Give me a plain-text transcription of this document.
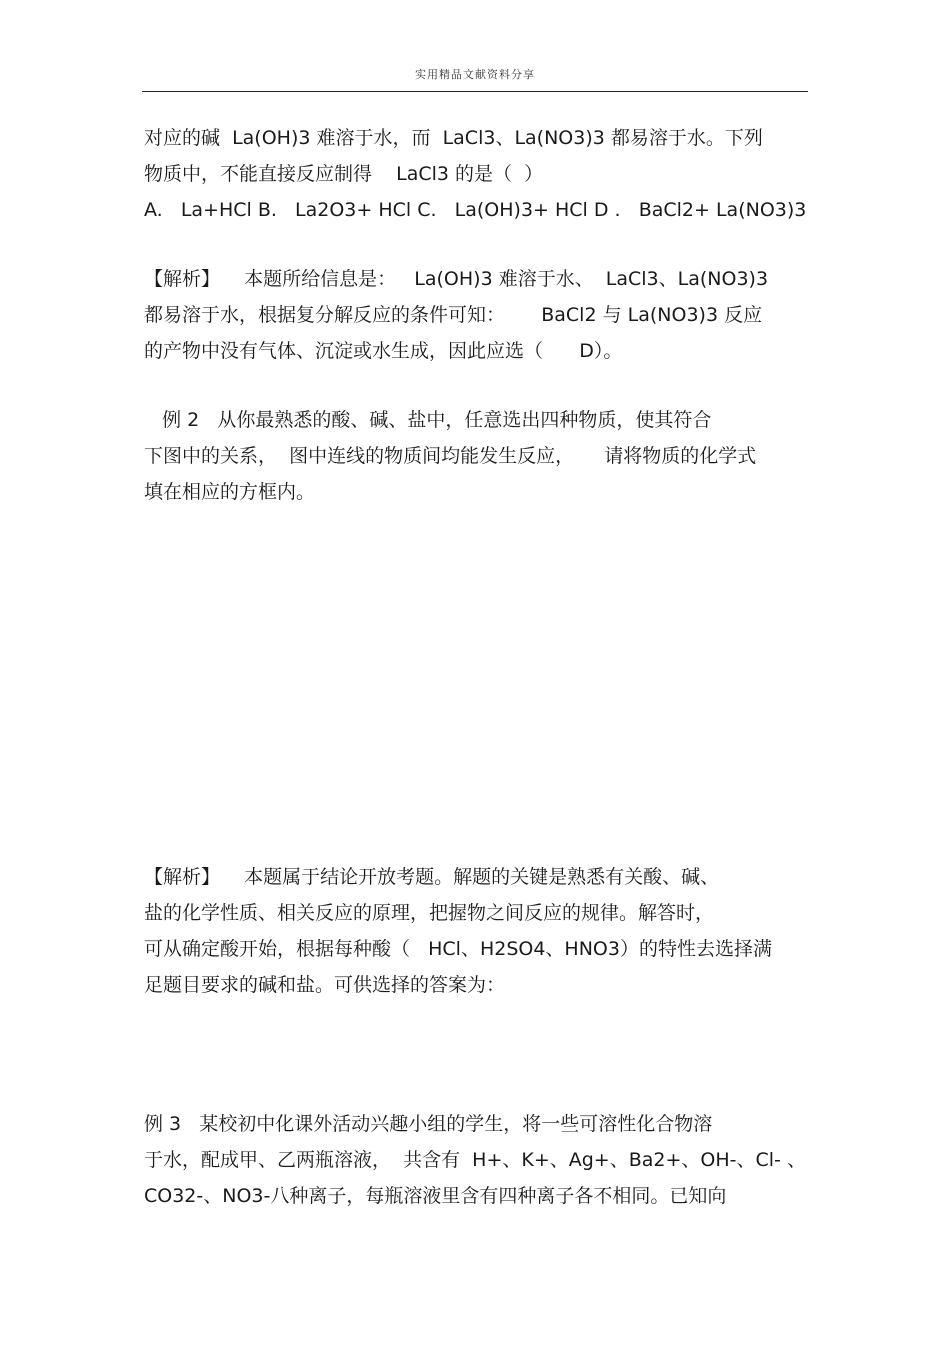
实用精品文献资料分享
对应的碱  La(OH)3 难溶于水，而  LaCl3、La(NO3)3 都易溶于水。下列
物质中，不能直接反应制得    LaCl3 的是（  ）
A.   La+HCl B.   La2O3+ HCl C.   La(OH)3+ HCl D .   BaCl2+ La(NO3)3
【解析】    本题所给信息是：   La(OH)3 难溶于水、  LaCl3、La(NO3)3
都易溶于水，根据复分解反应的条件可知：      BaCl2 与 La(NO3)3 反应
的产物中没有气体、沉淀或水生成，因此应选（      D）。
例 2   从你最熟悉的酸、碱、盐中，任意选出四种物质，使其符合
下图中的关系，  图中连线的物质间均能发生反应，     请将物质的化学式
填在相应的方框内。
【解析】    本题属于结论开放考题。解题的关键是熟悉有关酸、碱、
盐的化学性质、相关反应的原理，把握物之间反应的规律。解答时，
可从确定酸开始，根据每种酸（   HCl、H2SO4、HNO3）的特性去选择满
足题目要求的碱和盐。可供选择的答案为：
例 3   某校初中化课外活动兴趣小组的学生，将一些可溶性化合物溶
于水，配成甲、乙两瓶溶液，  共含有  H+、K+、Ag+、Ba2+、OH-、Cl- 、
CO32-、NO3-八种离子，每瓶溶液里含有四种离子各不相同。已知向
